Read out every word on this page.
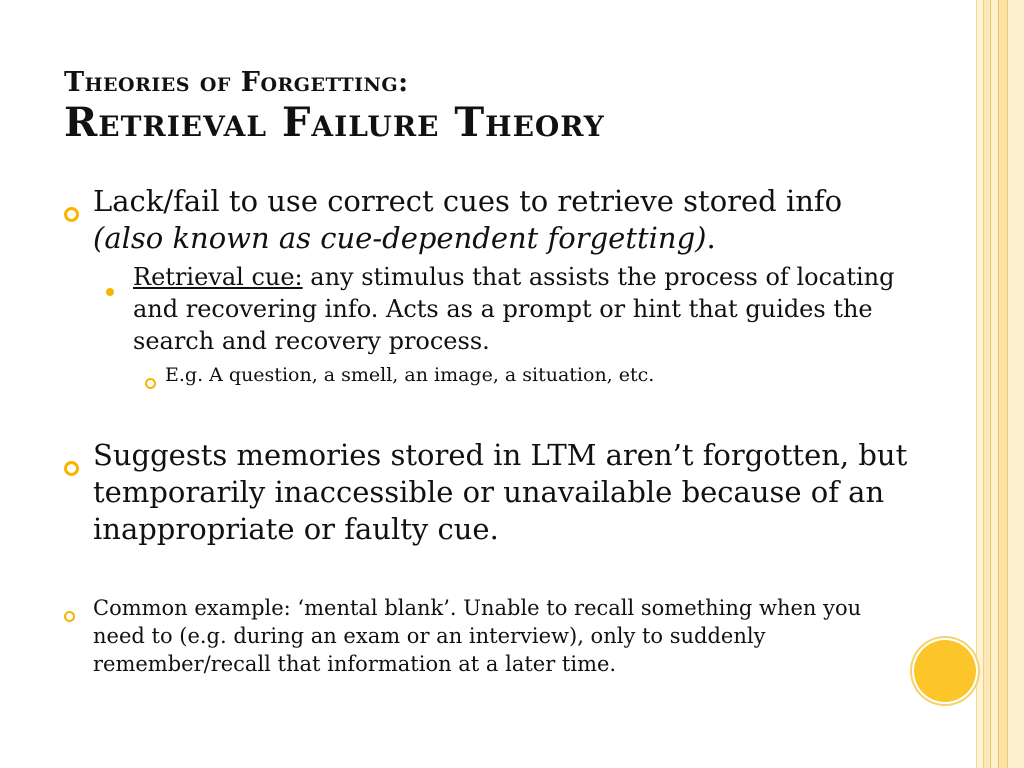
Theories of Forgetting:
Retrieval Failure Theory
Lack/fail to use correct cues to retrieve stored info (also known as cue-dependent forgetting).
Retrieval cue: any stimulus that assists the process of locating and recovering info. Acts as a prompt or hint that guides the search and recovery process.
E.g. A question, a smell, an image, a situation, etc.
Suggests memories stored in LTM aren’t forgotten, but temporarily inaccessible or unavailable because of an inappropriate or faulty cue.
Common example: ‘mental blank’. Unable to recall something when you need to (e.g. during an exam or an interview), only to suddenly remember/recall that information at a later time.
